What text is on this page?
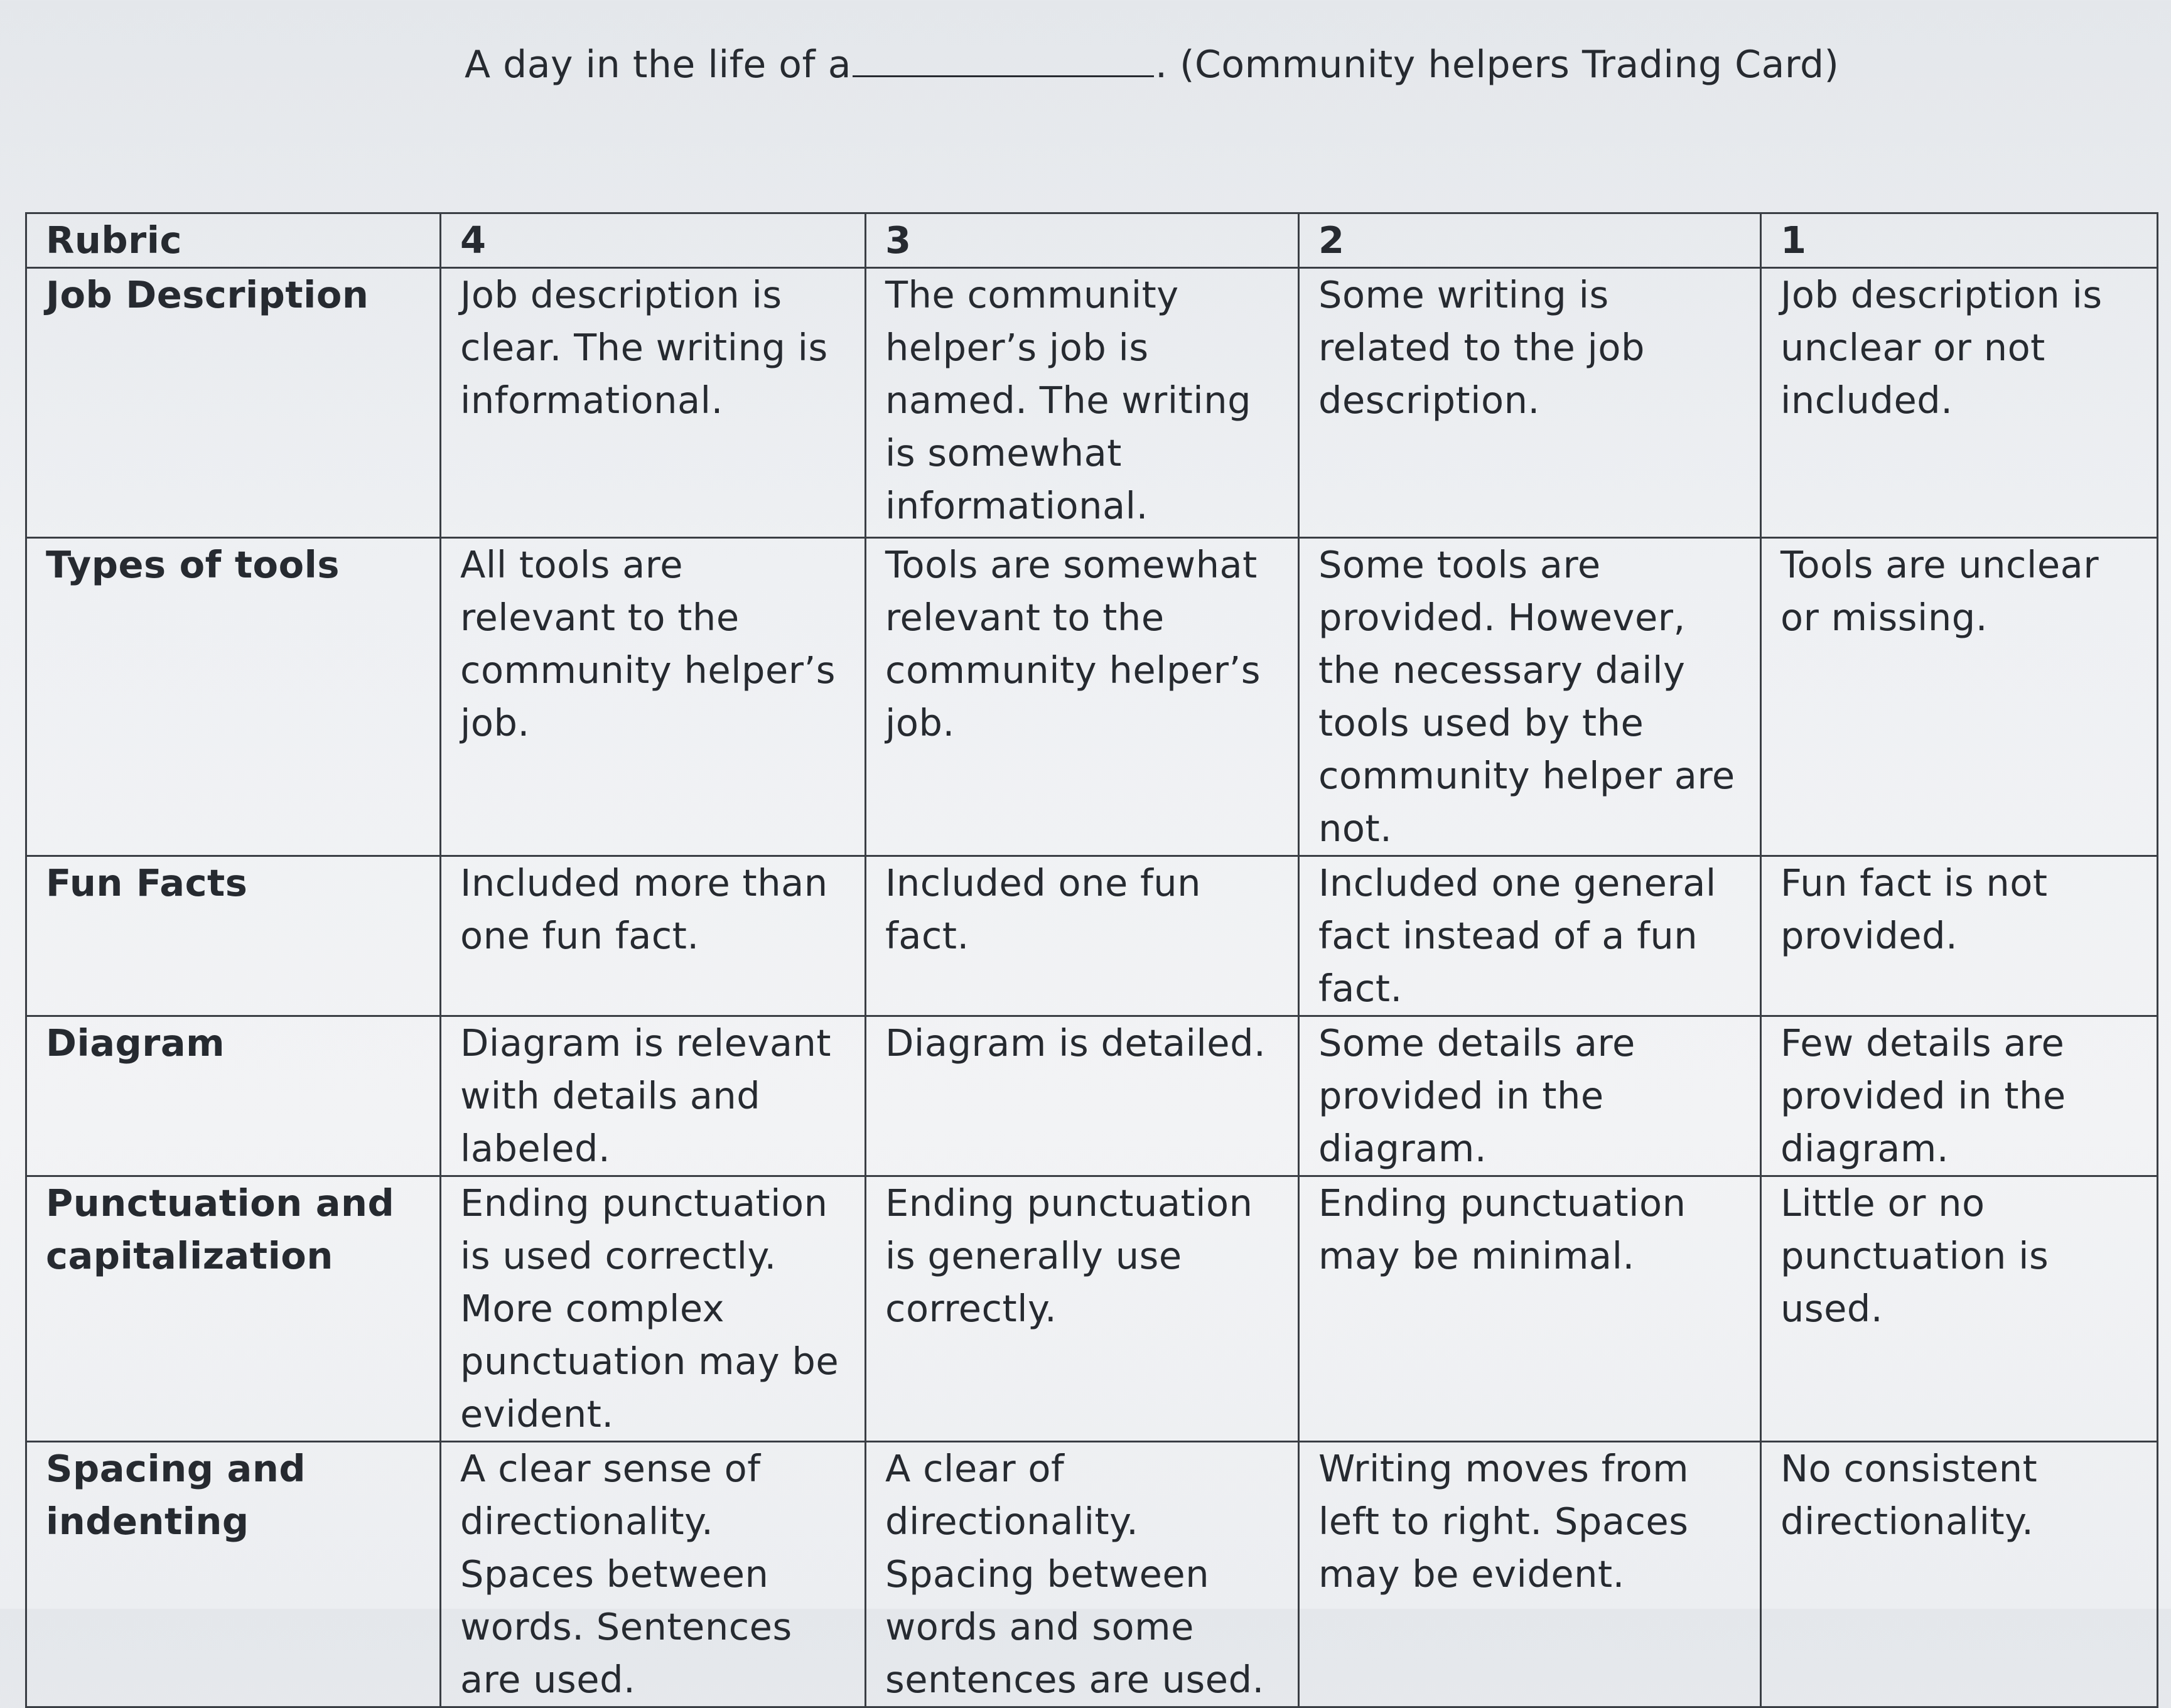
A day in the life of a	. (Community helpers Trading Card)
Rubric	4	3	2	1
Job Description	Job description is clear. The writing is informational.	The community helper’s job is named. The writing is somewhat informational.	Some writing is related to the job description.	Job description is unclear or not included.
Types of tools	All tools are relevant to the community helper’s job.	Tools are somewhat relevant to the community helper’s job.	Some tools are provided. However, the necessary daily tools used by the community helper are not.	Tools are unclear or missing.
Fun Facts	Included more than one fun fact.	Included one fun fact.	Included one general fact instead of a fun fact.	Fun fact is not provided.
Diagram	Diagram is relevant with details and labeled.	Diagram is detailed.	Some details are provided in the diagram.	Few details are provided in the diagram.
Punctuation and capitalization	Ending punctuation is used correctly. More complex punctuation may be evident.	Ending punctuation is generally use correctly.	Ending punctuation may be minimal.	Little or no punctuation is used.
Spacing and indenting	A clear sense of directionality. Spaces between words. Sentences are used.	A clear of directionality. Spacing between words and some sentences are used.	Writing moves from left to right. Spaces may be evident.	No consistent directionality.
